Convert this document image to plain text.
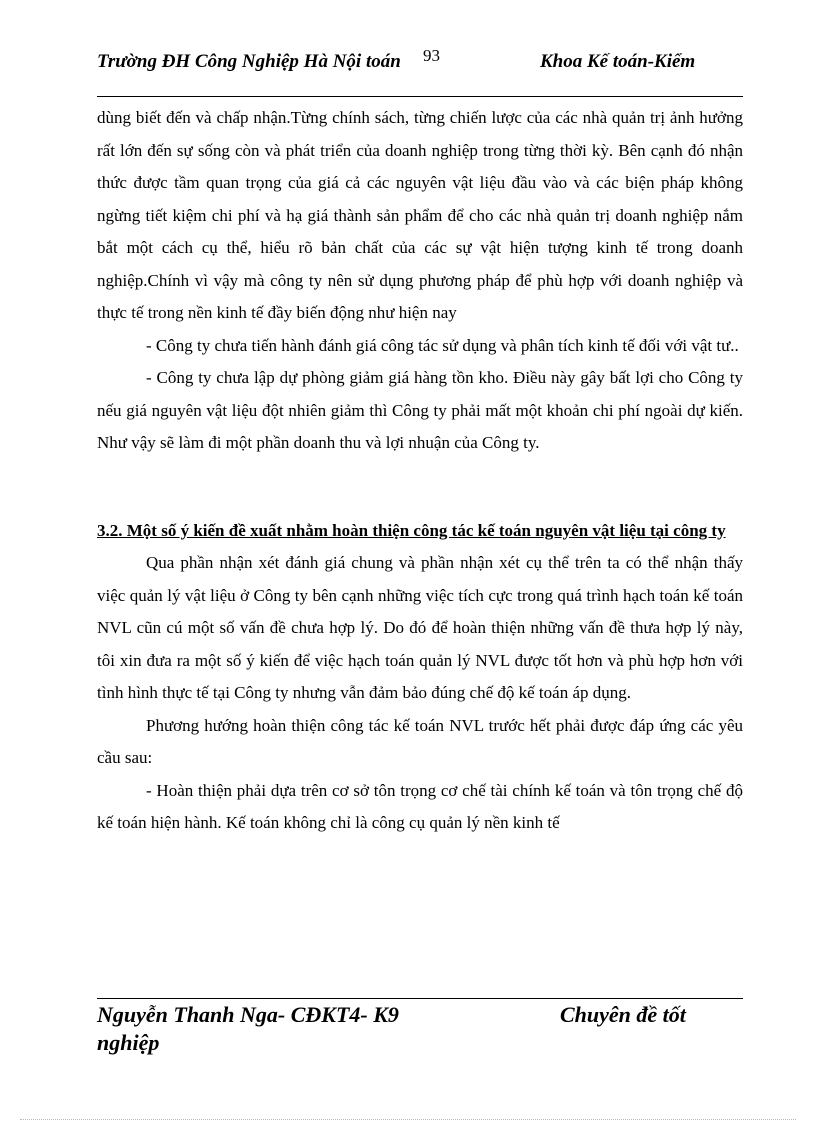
Trường ĐH Công Nghiệp Hà Nội toán	93	Khoa Kế toán-Kiểm

dùng biết đến và chấp nhận.Từng chính sách, từng chiến lược của các nhà quản trị ảnh hưởng rất lớn đến sự sống còn và phát triển của doanh nghiệp trong từng thời kỳ. Bên cạnh đó nhận thức được tầm quan trọng của giá cả các nguyên vật liệu đầu vào và các biện pháp không ngừng tiết kiệm chi phí và hạ giá thành sản phẩm để cho các nhà quản trị doanh nghiệp nắm bắt một cách cụ thể, hiểu rõ bản chất của các sự vật hiện tượng kinh tế trong doanh nghiệp.Chính vì vậy mà công ty nên sử dụng phương pháp để phù hợp với doanh nghiệp và thực tế trong nền kinh tế đầy biến động như hiện nay

- Công ty chưa tiến hành đánh giá công tác sử dụng và phân tích kinh tế đối với vật tư..

- Công ty chưa lập dự phòng giảm giá hàng tồn kho. Điều này gây bất lợi cho Công ty nếu giá nguyên vật liệu đột nhiên giảm thì Công ty phải mất một khoản chi phí ngoài dự kiến. Như vậy sẽ làm đi một phần doanh thu và lợi nhuận của Công ty.

3.2. Một số ý kiến đề xuất nhằm hoàn thiện công tác kế toán nguyên vật liệu tại công ty

Qua phần nhận xét đánh giá chung và phần nhận xét cụ thể trên ta có thể nhận thấy việc quản lý vật liệu ở Công ty bên cạnh những việc tích cực trong quá trình hạch toán kế toán NVL cũn cú một số vấn đề chưa hợp lý. Do đó để hoàn thiện những vấn đề thưa hợp lý này, tôi xin đưa ra một số ý kiến để việc hạch toán quản lý NVL được tốt hơn và phù hợp hơn với tình hình thực tế tại Công ty nhưng vẫn đảm bảo đúng chế độ kế toán áp dụng.

Phương hướng hoàn thiện công tác kế toán NVL trước hết phải được đáp ứng các yêu cầu sau:

- Hoàn thiện phải dựa trên cơ sở tôn trọng cơ chế tài chính kế toán và tôn trọng chế độ kế toán hiện hành. Kế toán không chỉ là công cụ quản lý nền kinh tế

Nguyễn Thanh Nga- CĐKT4- K9 nghiệp

Chuyên đề tốt
